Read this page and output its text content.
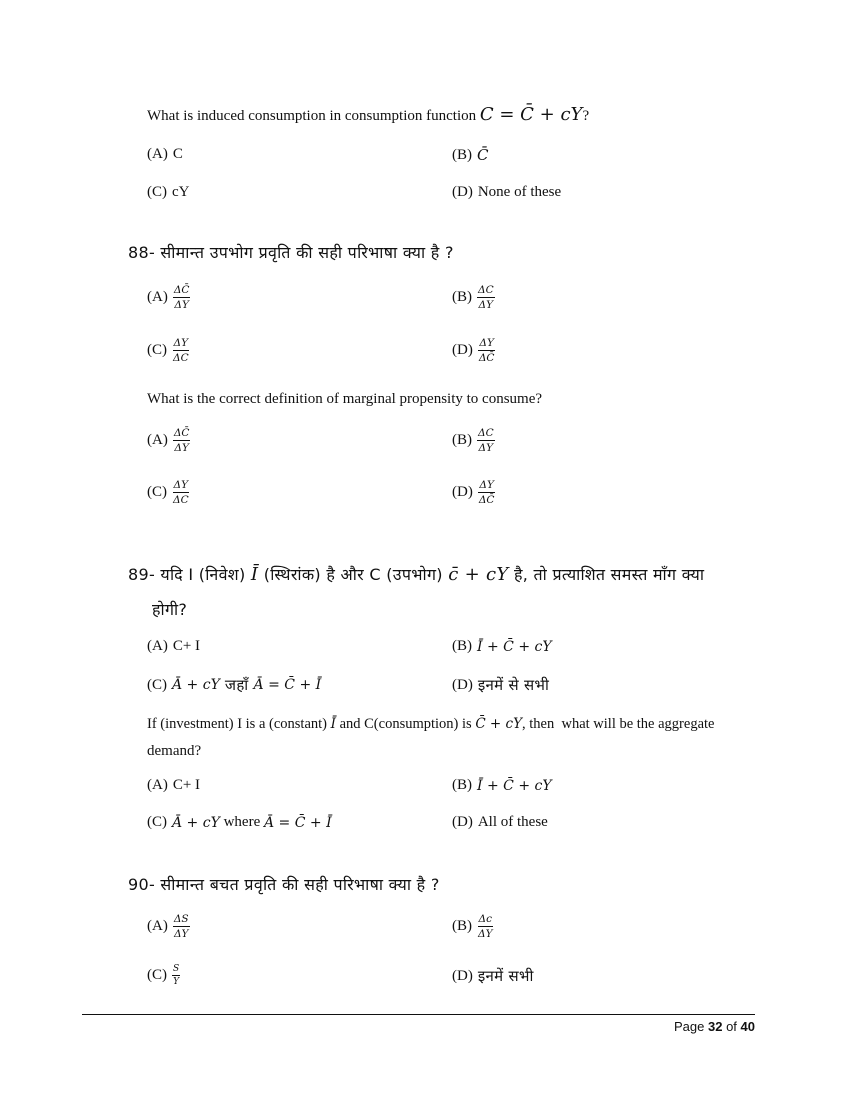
What is induced consumption in consumption function C = C̄ + cY?
(A) C	(B) C̄
(C) cY	(D) None of these
88- सीमान्त उपभोग प्रवृति की सही परिभाषा क्या है ?
$(A) \frac{\Delta C̄}{\Delta Y}$	$(B) \frac{\Delta C}{\Delta Y}$
$(C) \frac{\Delta Y}{\Delta C}$	$(D) \frac{\Delta Y}{\Delta C̄}$
What is the correct definition of marginal propensity to consume?
$(A) \frac{\Delta C̄}{\Delta Y}$	$(B) \frac{\Delta C}{\Delta Y}$
$(C) \frac{\Delta Y}{\Delta C}$	$(D) \frac{\Delta Y}{\Delta C̄}$
89- यदि I (निवेश) Ī (स्थिरांक) है और C (उपभोग) c̄ + cY है, तो प्रत्याशित समस्त माँग क्या
होगी?
(A) C+ I	(B) Ī + C̄ + cY
(C) Ā + cY जहाँ Ā = C̄ + Ī	(D) इनमें से सभी
If (investment) I is a (constant) Ī and C(consumption) is C̄ + cY, then  what will be the aggregate
demand?
(A) C+ I	(B) Ī + C̄ + cY
(C) Ā + cY where Ā = C̄ + Ī	(D) All of these
90- सीमान्त बचत प्रवृति की सही परिभाषा क्या है ?
$(A) \frac{\Delta S}{\Delta Y}$	$(B) \frac{\Delta c}{\Delta Y}$
$(C) \frac{S}{Y}$	(D) इनमें सभी
Page 32 of 40
